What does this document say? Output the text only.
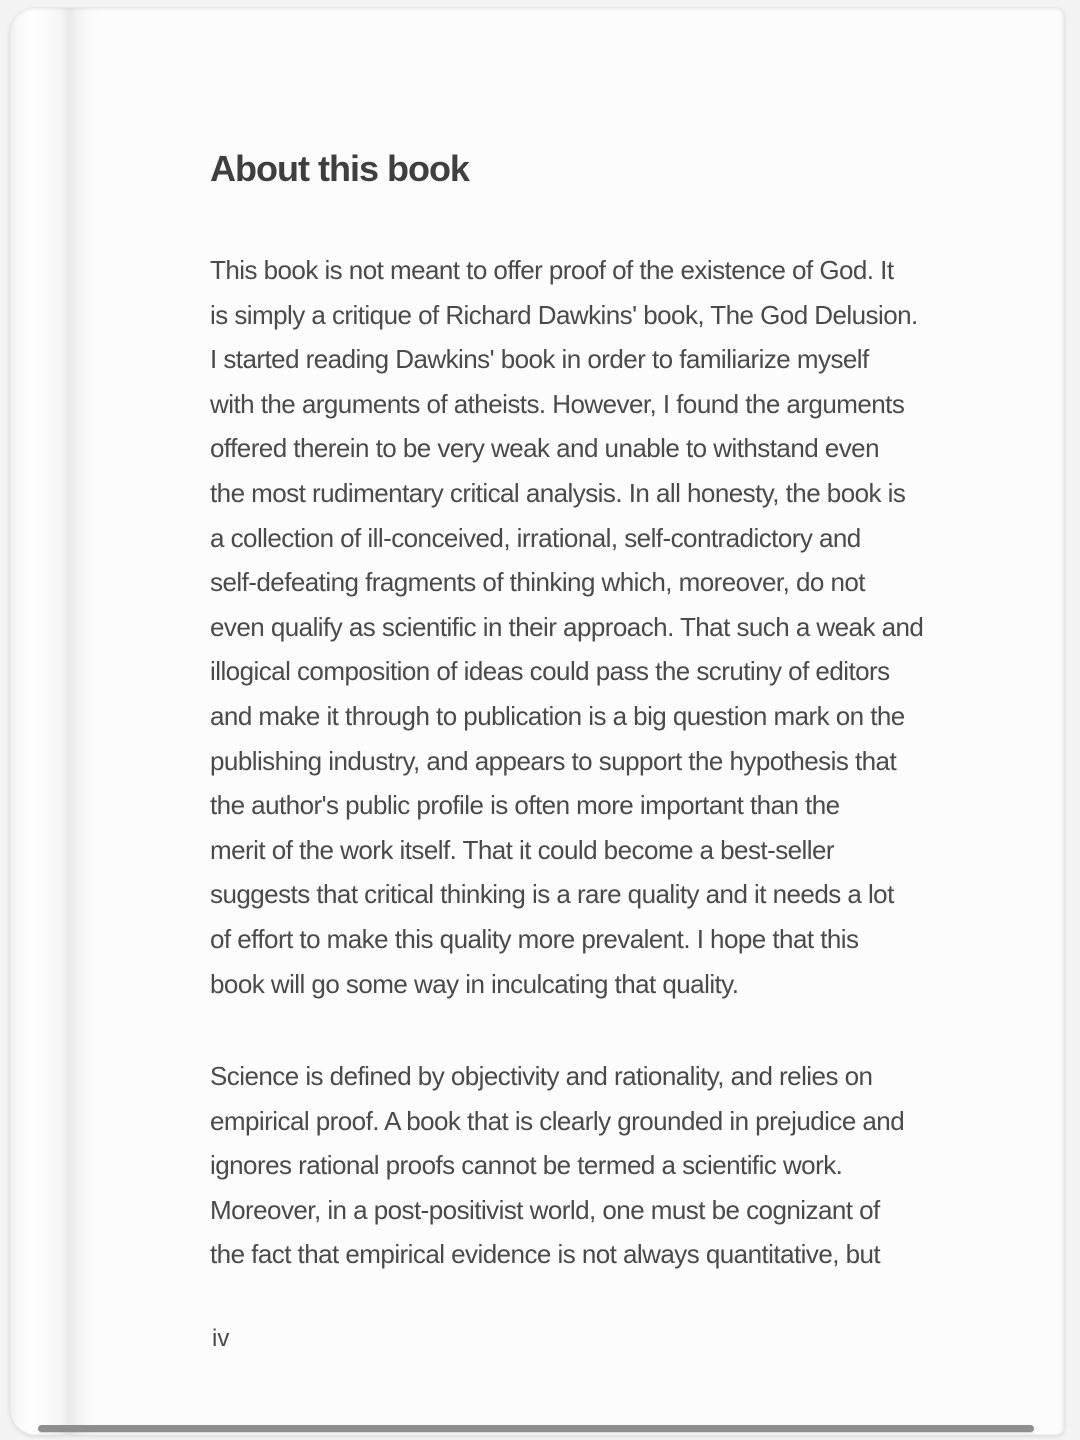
About this book
This book is not meant to offer proof of the existence of God. It
is simply a critique of Richard Dawkins' book, The God Delusion.
I started reading Dawkins' book in order to familiarize myself
with the arguments of atheists. However, I found the arguments
offered therein to be very weak and unable to withstand even
the most rudimentary critical analysis. In all honesty, the book is
a collection of ill-conceived, irrational, self-contradictory and
self-defeating fragments of thinking which, moreover, do not
even qualify as scientific in their approach. That such a weak and
illogical composition of ideas could pass the scrutiny of editors
and make it through to publication is a big question mark on the
publishing industry, and appears to support the hypothesis that
the author's public profile is often more important than the
merit of the work itself. That it could become a best-seller
suggests that critical thinking is a rare quality and it needs a lot
of effort to make this quality more prevalent. I hope that this
book will go some way in inculcating that quality.
Science is defined by objectivity and rationality, and relies on
empirical proof. A book that is clearly grounded in prejudice and
ignores rational proofs cannot be termed a scientific work.
Moreover, in a post-positivist world, one must be cognizant of
the fact that empirical evidence is not always quantitative, but
iv
